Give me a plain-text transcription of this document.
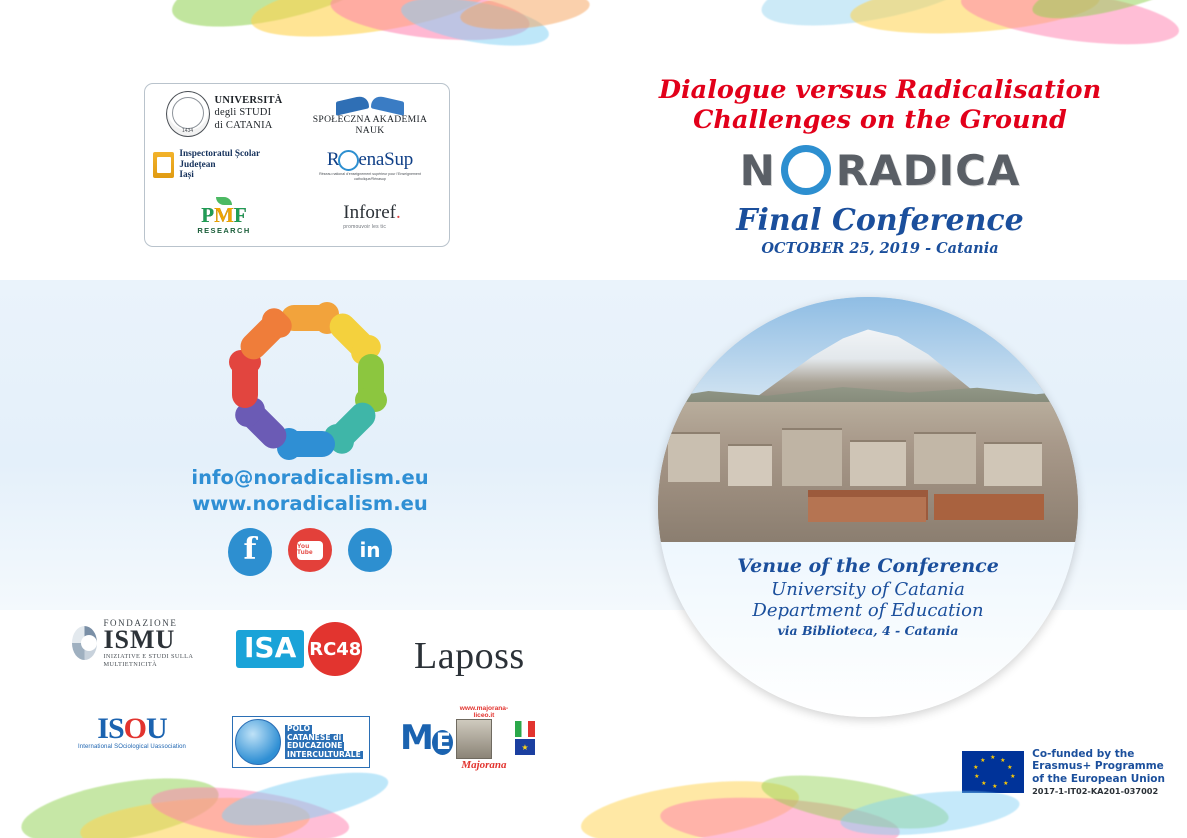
1434
UNIVERSITÀ
degli STUDI
di CATANIA
SPOŁECZNA AKADEMIA NAUK
Inspectoratul Școlar Județean
Iași
R enaSup
Réseau national d'enseignement supérieur pour l'Enseignement catholique/Rénasup
PMF
RESEARCH
Inforef.
promouvoir les tic
Dialogue versus Radicalisation
Challenges on the Ground
N RADICA
Final Conference
OCTOBER 25, 2019 - Catania
info@noradicalism.eu
www.noradicalism.eu
f	You Tube	in
Venue of the Conference
University of Catania
Department of Education
via Biblioteca, 4 - Catania
FONDAZIONE
ISMU
INIZIATIVE E STUDI SULLA MULTIETNICITÀ
ISA RC48 Laposs
ISOU
International SOciological Uassociation
POLO
CATANESE di
EDUCAZIONE
INTERCULTURALE M E
www.majorana-liceo.it
Majorana
★
★ ★
★
★
★
★
★
★
★
★
Co-funded by the
Erasmus+ Programme
of the European Union
2017-1-IT02-KA201-037002
